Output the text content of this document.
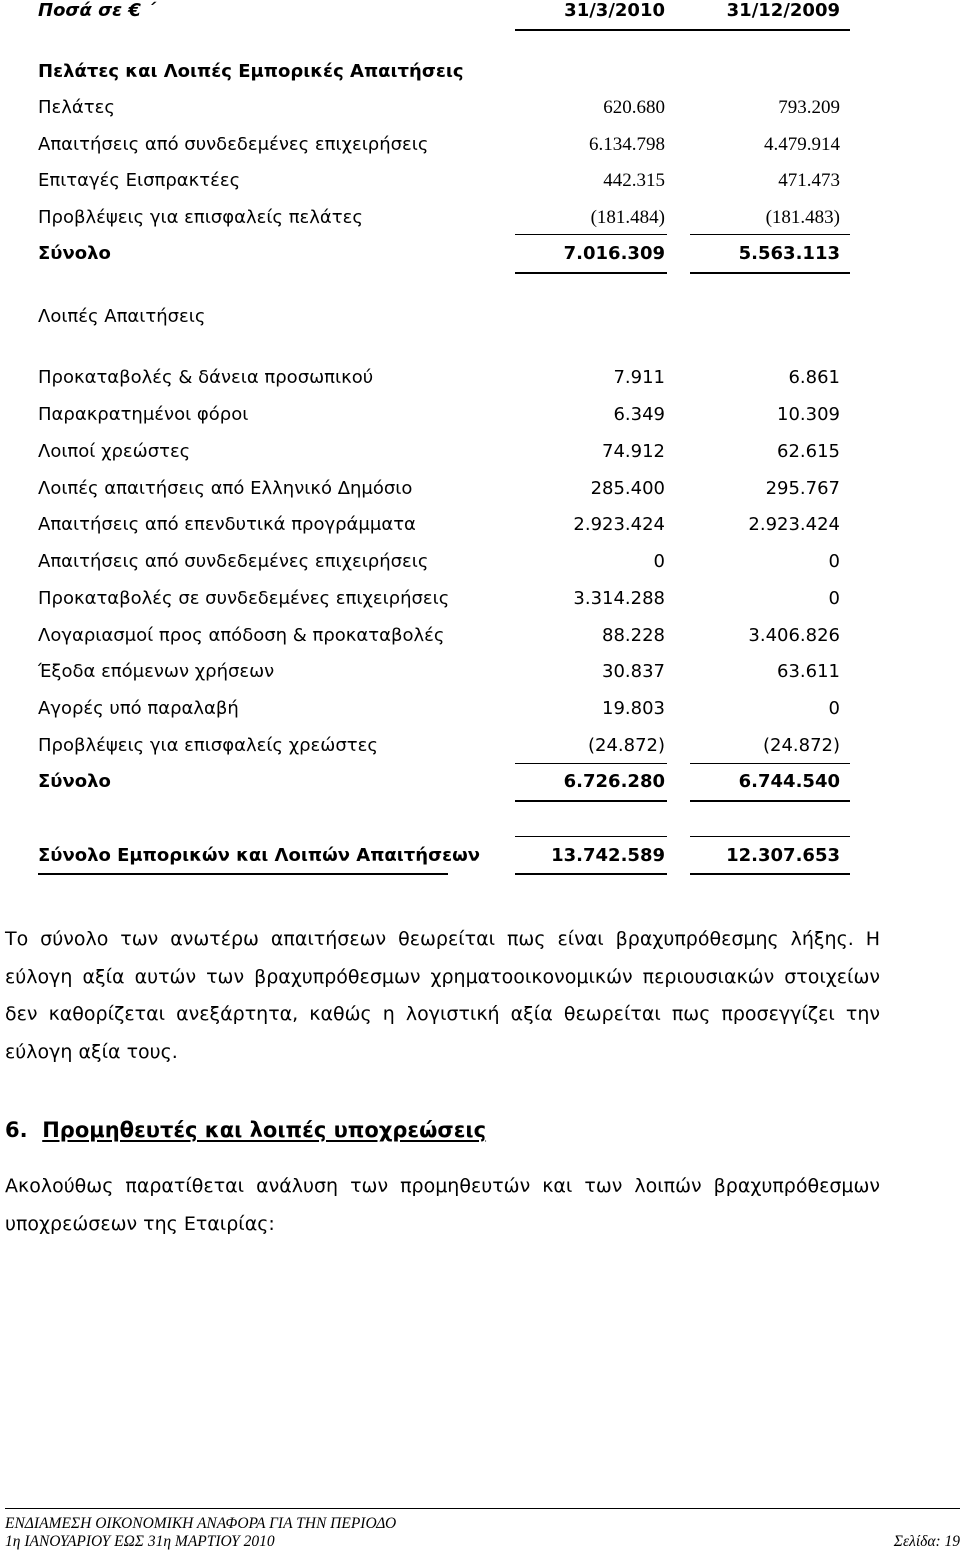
Ποσά σε € ΄	31/3/2010	31/12/2009
Πελάτες και Λοιπές Εμπορικές Απαιτήσεις
Πελάτες	620.680	793.209
Απαιτήσεις από συνδεδεμένες επιχειρήσεις	6.134.798	4.479.914
Επιταγές Εισπρακτέες	442.315	471.473
Προβλέψεις για επισφαλείς πελάτες	(181.484)	(181.483)
Σύνολο	7.016.309	5.563.113
Λοιπές Απαιτήσεις
Προκαταβολές & δάνεια προσωπικού	7.911	6.861
Παρακρατημένοι φόροι	6.349	10.309
Λοιποί χρεώστες	74.912	62.615
Λοιπές απαιτήσεις από Ελληνικό Δημόσιο	285.400	295.767
Απαιτήσεις από επενδυτικά προγράμματα	2.923.424	2.923.424
Απαιτήσεις από συνδεδεμένες επιχειρήσεις	0	0
Προκαταβολές σε συνδεδεμένες επιχειρήσεις	3.314.288	0
Λογαριασμοί προς απόδοση & προκαταβολές	88.228	3.406.826
Έξοδα επόμενων χρήσεων	30.837	63.611
Αγορές υπό παραλαβή	19.803	0
Προβλέψεις για επισφαλείς χρεώστες	(24.872)	(24.872)
Σύνολο	6.726.280	6.744.540
Σύνολο Εμπορικών και Λοιπών Απαιτήσεων	13.742.589	12.307.653
Το σύνολο των ανωτέρω απαιτήσεων θεωρείται πως είναι βραχυπρόθεσμης λήξης. Η εύλογη αξία αυτών των βραχυπρόθεσμων χρηματοοικονομικών περιουσιακών στοιχείων δεν καθορίζεται ανεξάρτητα, καθώς η λογιστική αξία θεωρείται πως προσεγγίζει την εύλογη αξία τους.
6. Προμηθευτές και λοιπές υποχρεώσεις
Ακολούθως παρατίθεται ανάλυση των προμηθευτών και των λοιπών βραχυπρόθεσμων υποχρεώσεων της Εταιρίας:
ΕΝΔΙΑΜΕΣΗ ΟΙΚΟΝΟΜΙΚΗ ΑΝΑΦΟΡΑ ΓΙΑ ΤΗΝ ΠΕΡΙΟΔΟ
1η ΙΑΝΟΥΑΡΙΟΥ ΕΩΣ 31η ΜΑΡΤΙΟΥ 2010	Σελίδα: 19
